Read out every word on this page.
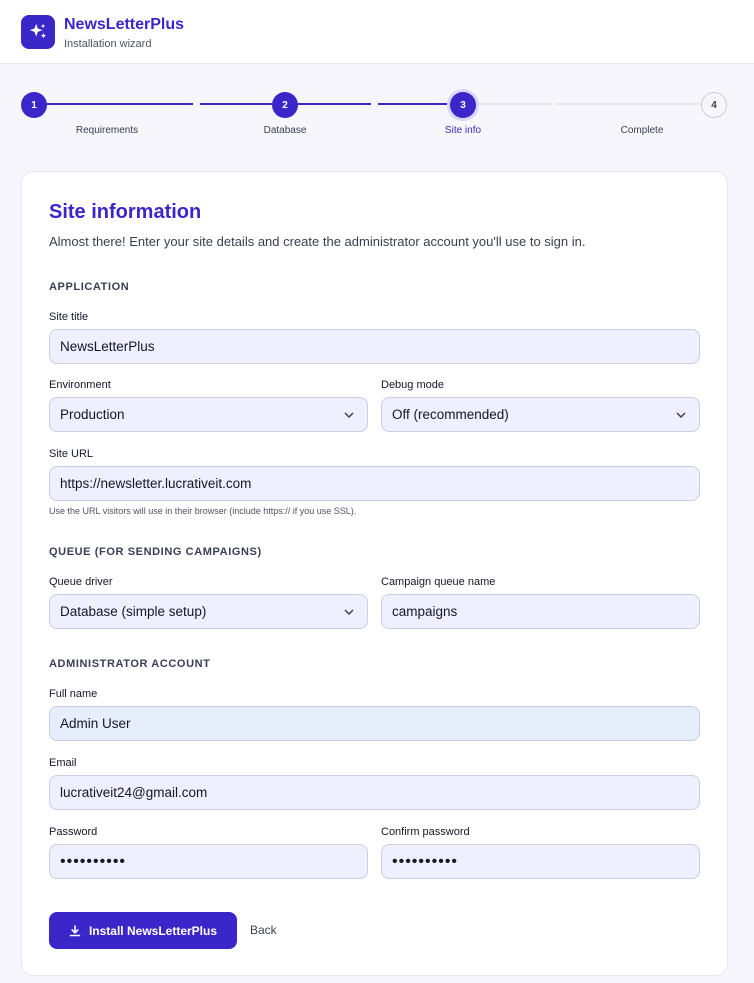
NewsLetterPlus
Installation wizard
1	2	3	4
Requirements	Database	Site info	Complete
Site information
Almost there! Enter your site details and create the administrator account you'll use to sign in.
APPLICATION
Site title
NewsLetterPlus
Environment
Production
Debug mode
Off (recommended)
Site URL
https://newsletter.lucrativeit.com
Use the URL visitors will use in their browser (include https:// if you use SSL).
QUEUE (FOR SENDING CAMPAIGNS)
Queue driver
Database (simple setup)
Campaign queue name
campaigns
ADMINISTRATOR ACCOUNT
Full name
Admin User
Email
lucrativeit24@gmail.com
Password
••••••••••
Confirm password
••••••••••
Install NewsLetterPlus	Back
